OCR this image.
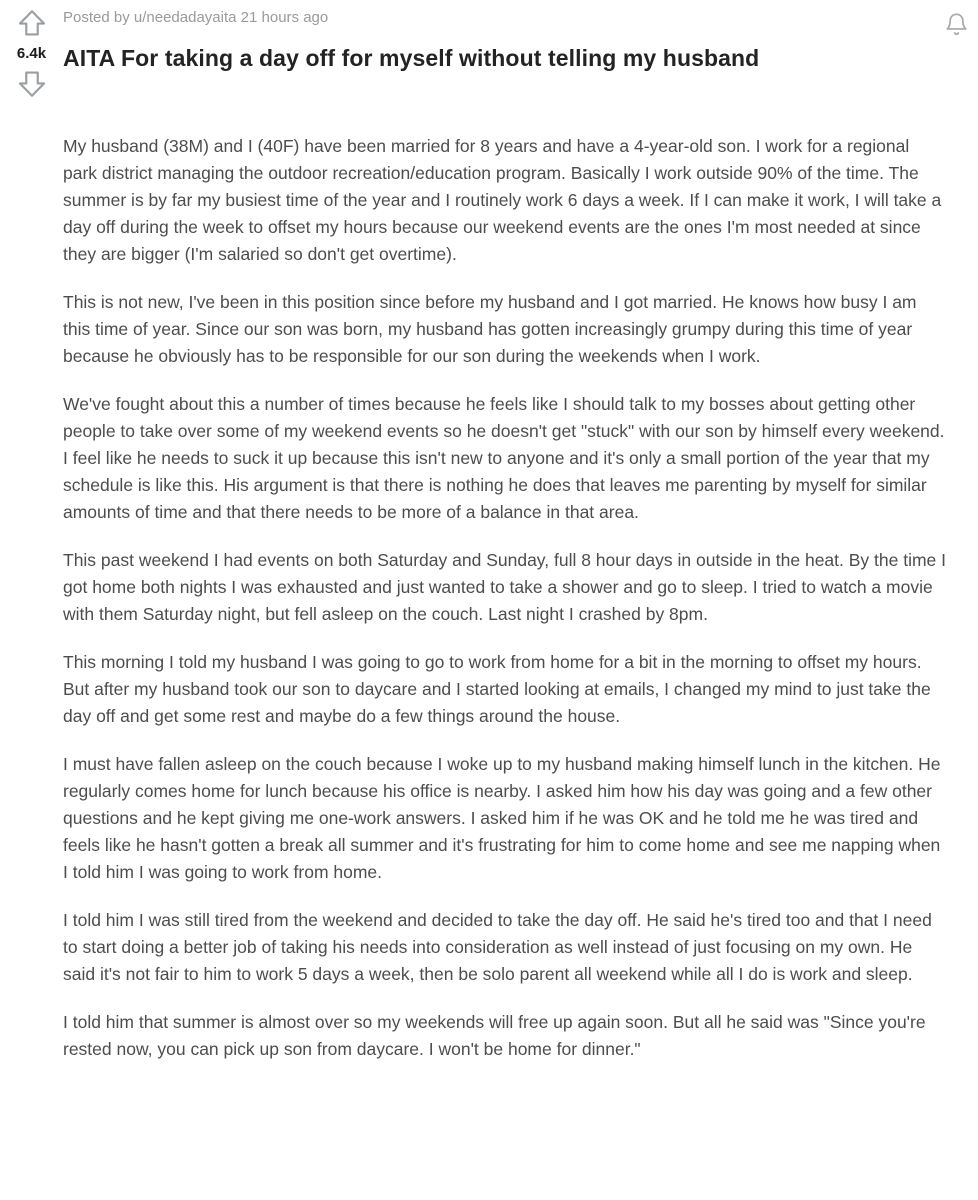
6.4k
Posted by
u/needadayaita
21 hours ago
AITA For taking a day off for myself without telling my husband

My husband (38M) and I (40F) have been married for 8 years and have a 4-year-old son. I work for a regional park district managing the outdoor recreation/education program. Basically I work outside 90% of the time. The summer is by far my busiest time of the year and I routinely work 6 days a week. If I can make it work, I will take a day off during the week to offset my hours because our weekend events are the ones I'm most needed at since they are bigger (I'm salaried so don't get overtime).

This is not new, I've been in this position since before my husband and I got married. He knows how busy I am this time of year. Since our son was born, my husband has gotten increasingly grumpy during this time of year because he obviously has to be responsible for our son during the weekends when I work.

We've fought about this a number of times because he feels like I should talk to my bosses about getting other people to take over some of my weekend events so he doesn't get "stuck" with our son by himself every weekend. I feel like he needs to suck it up because this isn't new to anyone and it's only a small portion of the year that my schedule is like this. His argument is that there is nothing he does that leaves me parenting by myself for similar amounts of time and that there needs to be more of a balance in that area.

This past weekend I had events on both Saturday and Sunday, full 8 hour days in outside in the heat. By the time I got home both nights I was exhausted and just wanted to take a shower and go to sleep. I tried to watch a movie with them Saturday night, but fell asleep on the couch. Last night I crashed by 8pm.

This morning I told my husband I was going to go to work from home for a bit in the morning to offset my hours. But after my husband took our son to daycare and I started looking at emails, I changed my mind to just take the day off and get some rest and maybe do a few things around the house.

I must have fallen asleep on the couch because I woke up to my husband making himself lunch in the kitchen. He regularly comes home for lunch because his office is nearby. I asked him how his day was going and a few other questions and he kept giving me one-work answers. I asked him if he was OK and he told me he was tired and feels like he hasn't gotten a break all summer and it's frustrating for him to come home and see me napping when I told him I was going to work from home.

I told him I was still tired from the weekend and decided to take the day off. He said he's tired too and that I need to start doing a better job of taking his needs into consideration as well instead of just focusing on my own. He said it's not fair to him to work 5 days a week, then be solo parent all weekend while all I do is work and sleep.

I told him that summer is almost over so my weekends will free up again soon. But all he said was "Since you're rested now, you can pick up son from daycare. I won't be home for dinner."
